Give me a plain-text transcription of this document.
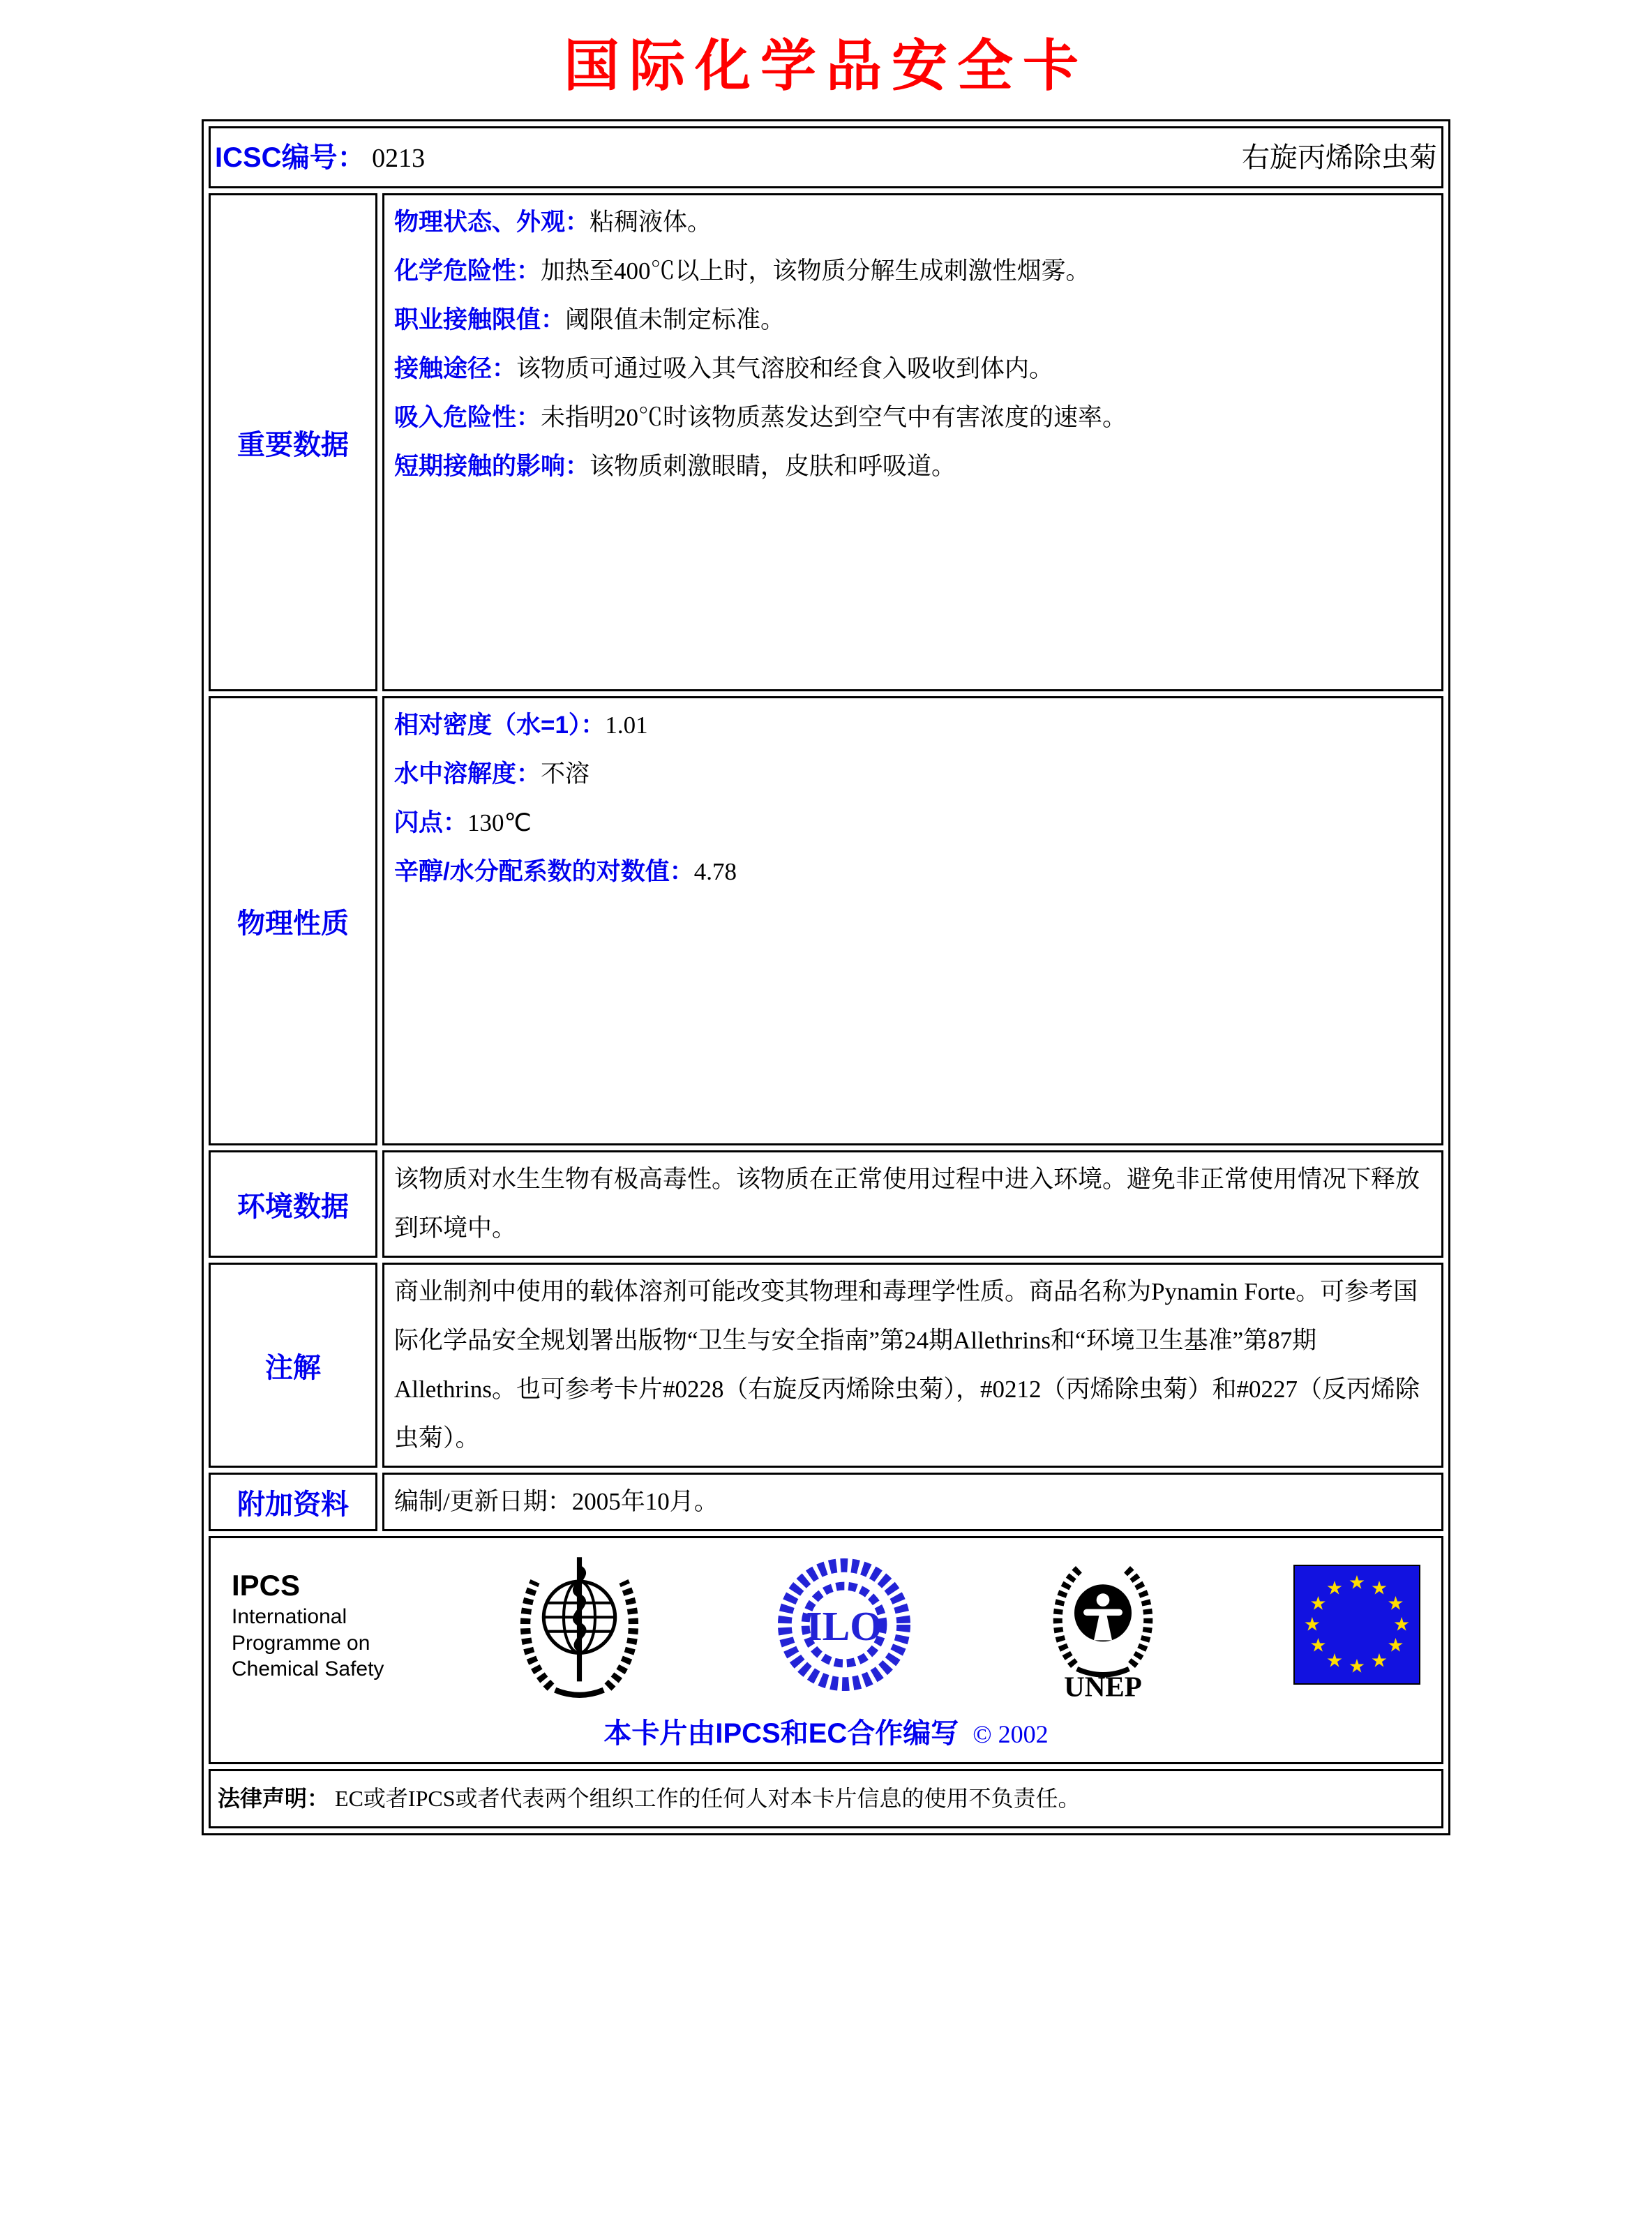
国际化学品安全卡
ICSC编号： 0213 右旋丙烯除虫菊	

重要数据	
物理状态、外观：粘稠液体。
化学危险性：加热至400℃以上时，该物质分解生成刺激性烟雾。
职业接触限值：阈限值未制定标准。
接触途径：该物质可通过吸入其气溶胶和经食入吸收到体内。
吸入危险性：未指明20℃时该物质蒸发达到空气中有害浓度的速率。
短期接触的影响：该物质刺激眼睛，皮肤和呼吸道。

物理性质	相对密度（水=1）：1.01
水中溶解度：不溶
闪点：130℃
辛醇/水分配系数的对数值：4.78

环境数据	该物质对水生生物有极高毒性。该物质在正常使用过程中进入环境。避免非正常使用情况下释放到环境中。

注解	商业制剂中使用的载体溶剂可能改变其物理和毒理学性质。商品名称为Pynamin Forte。可参考国际化学品安全规划署出版物“卫生与安全指南”第24期Allethrins和“环境卫生基准”第87期Allethrins。也可参考卡片#0228（右旋反丙烯除虫菊），#0212（丙烯除虫菊）和#0227（反丙烯除虫菊）。

附加资料	编制/更新日期：2005年10月。

IPCS
International
Programme on
Chemical Safety
ILO
UNEP
★ ★
★
★
★
★
★
★
★
★
★
★
本卡片由IPCS和EC合作编写 © 2002

法律声明： EC或者IPCS或者代表两个组织工作的任何人对本卡片信息的使用不负责任。	
